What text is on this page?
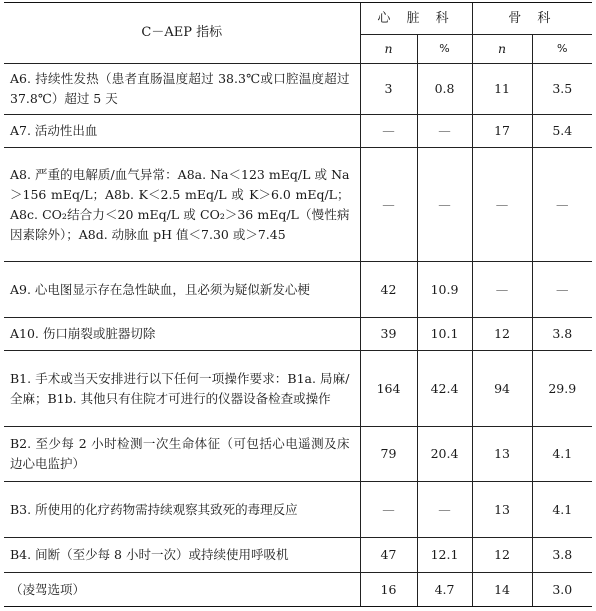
C－AEP 指标	心 脏 科		骨 科	
	n	%	n	%
A6. 持续性发热（患者直肠温度超过 38.3℃或口腔温度超过 37.8℃）超过 5 天	3	0.8	11	3.5
A7. 活动性出血	—	—	17	5.4
A8. 严重的电解质/血气异常：A8a. Na＜123 mEq/L 或 Na＞156 mEq/L；A8b. K＜2.5 mEq/L 或 K＞6.0 mEq/L；A8c. CO₂结合力＜20 mEq/L 或 CO₂＞36 mEq/L（慢性病因素除外）；A8d. 动脉血 pH 值＜7.30 或＞7.45	—	—	—	—
A9. 心电图显示存在急性缺血，且必须为疑似新发心梗	42	10.9	—	—
A10. 伤口崩裂或脏器切除	39	10.1	12	3.8
B1. 手术或当天安排进行以下任何一项操作要求：B1a. 局麻/全麻；B1b. 其他只有住院才可进行的仪器设备检查或操作	164	42.4	94	29.9
B2. 至少每 2 小时检测一次生命体征（可包括心电遥测及床边心电监护）	79	20.4	13	4.1
B3. 所使用的化疗药物需持续观察其致死的毒理反应	—	—	13	4.1
B4. 间断（至少每 8 小时一次）或持续使用呼吸机	47	12.1	12	3.8
（凌驾选项）	16	4.7	14	3.0
